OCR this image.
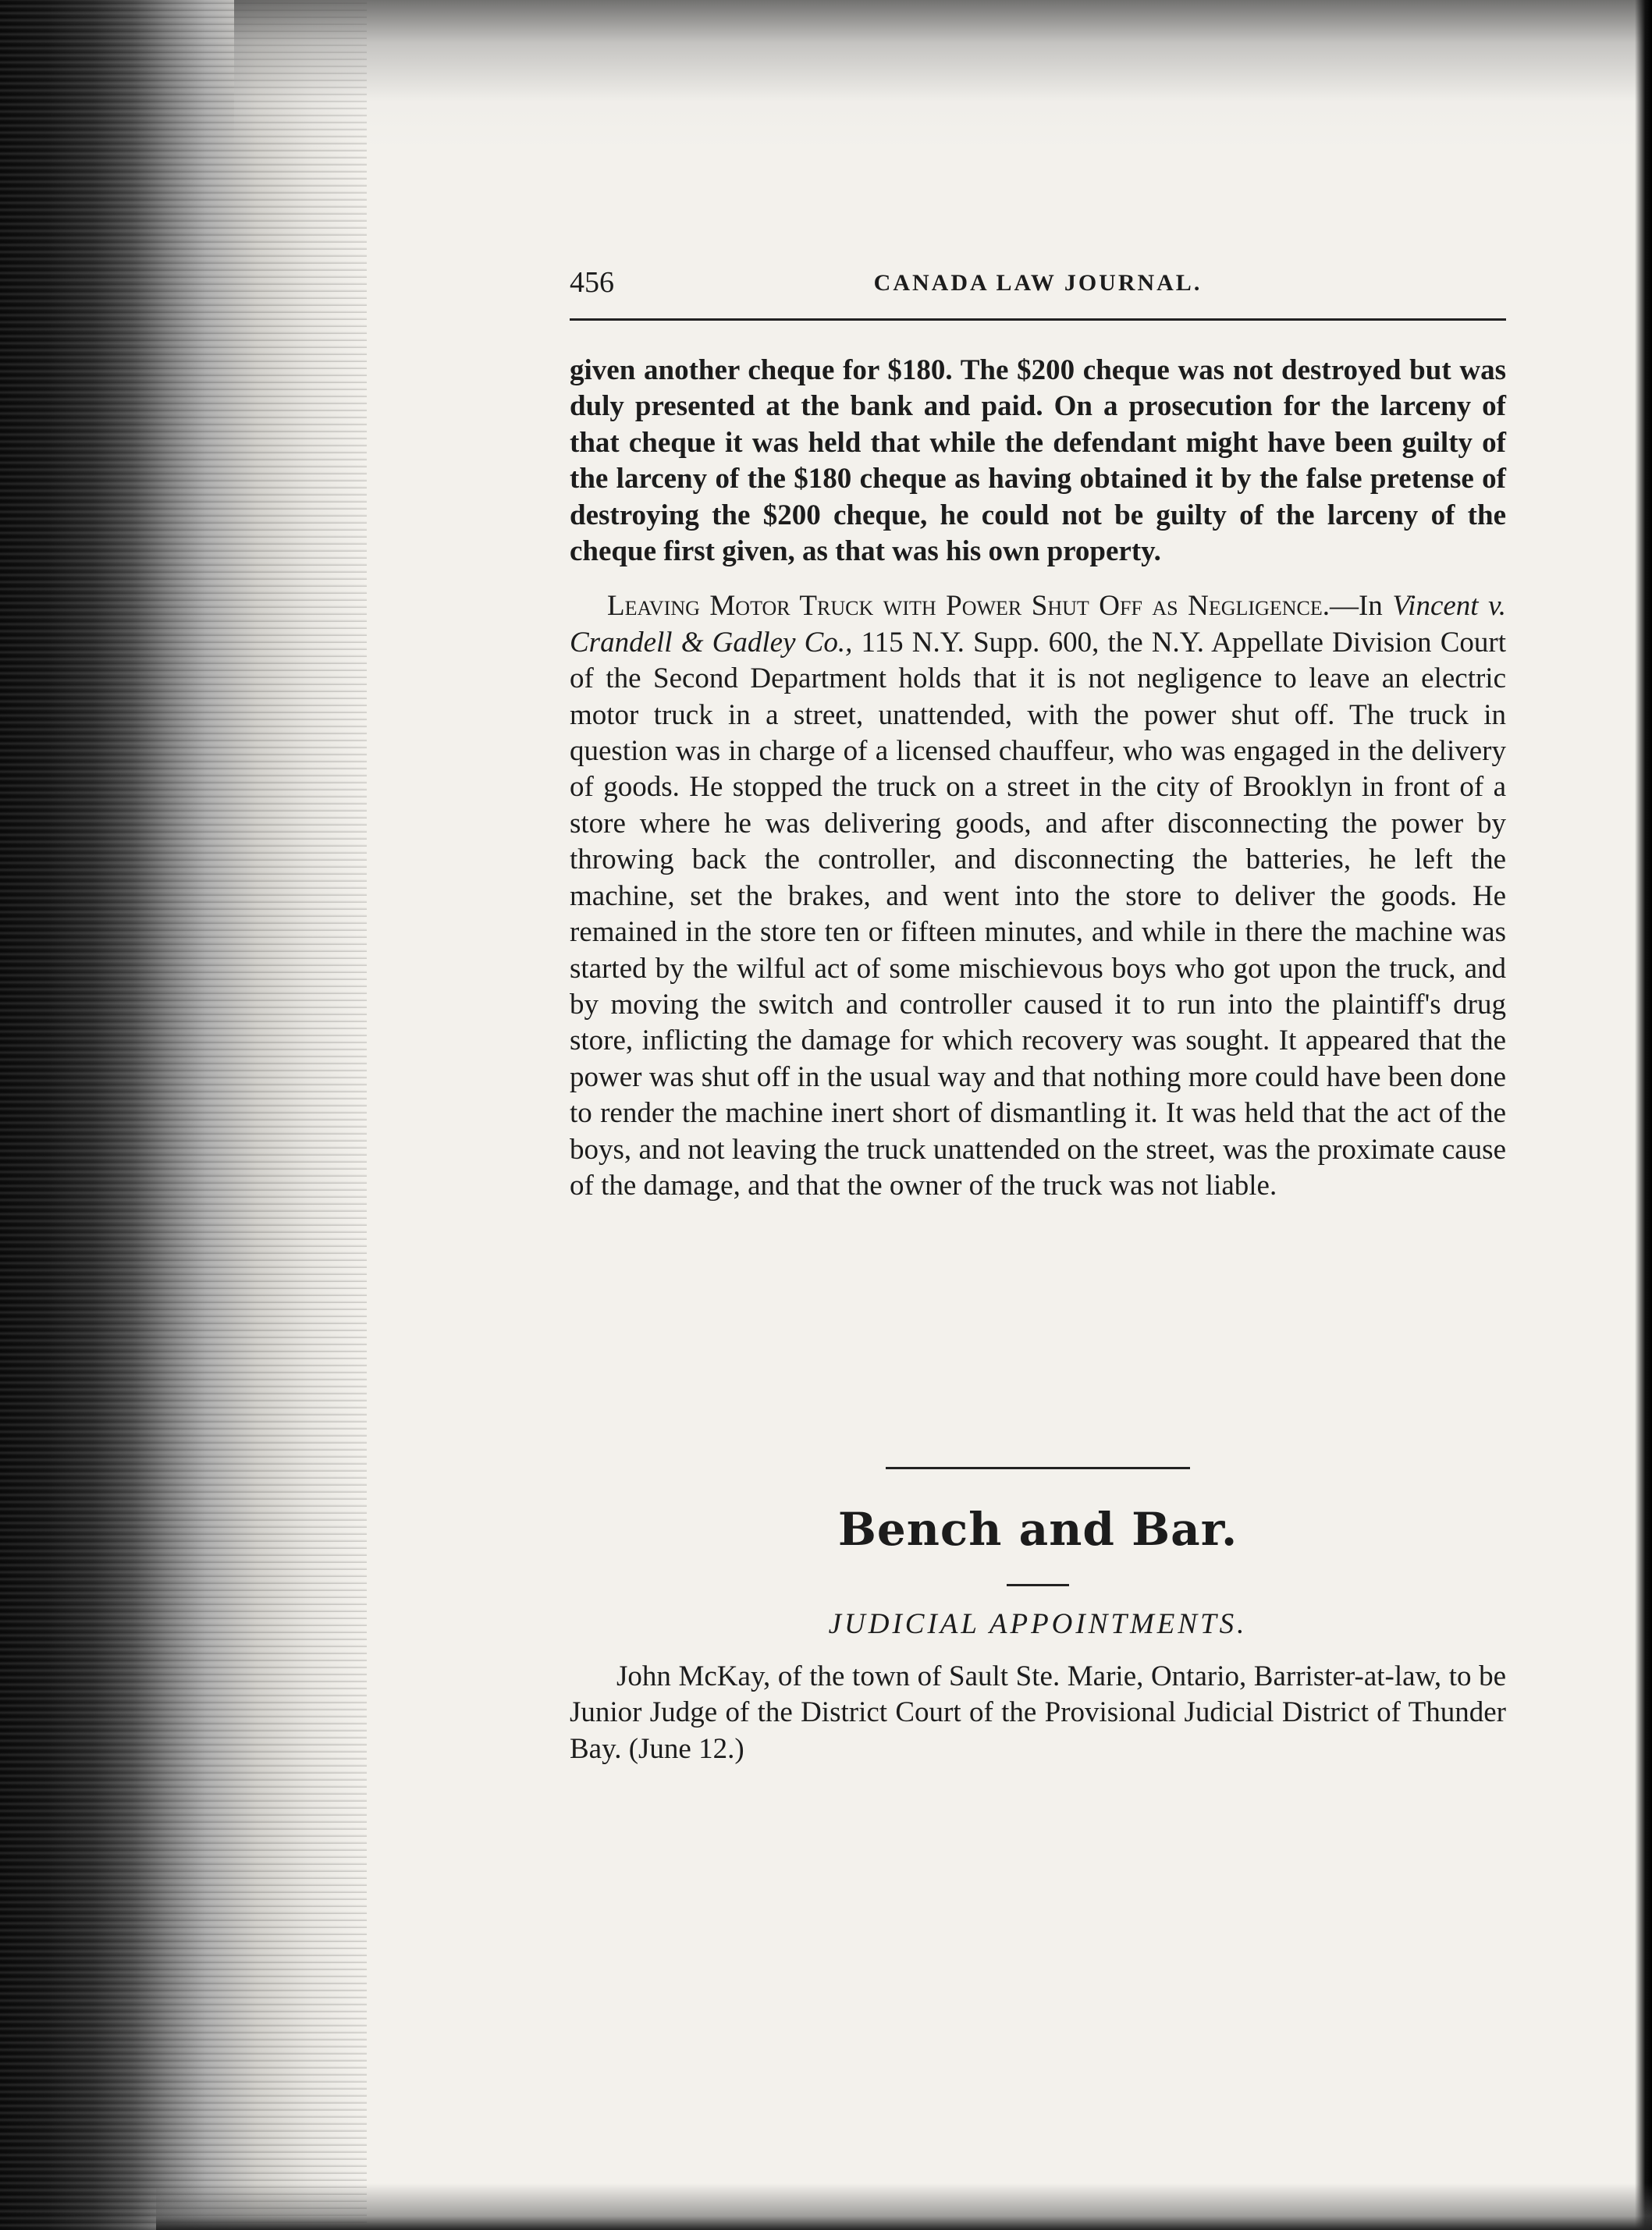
456	CANADA LAW JOURNAL.

given another cheque for $180. The $200 cheque was not destroyed but was duly presented at the bank and paid. On a prosecution for the larceny of that cheque it was held that while the defendant might have been guilty of the larceny of the $180 cheque as having obtained it by the false pretense of destroying the $200 cheque, he could not be guilty of the larceny of the cheque first given, as that was his own property.

Leaving Motor Truck with Power Shut Off as Negligence.—In Vincent v. Crandell & Gadley Co., 115 N.Y. Supp. 600, the N.Y. Appellate Division Court of the Second Department holds that it is not negligence to leave an electric motor truck in a street, unattended, with the power shut off. The truck in question was in charge of a licensed chauffeur, who was engaged in the delivery of goods. He stopped the truck on a street in the city of Brooklyn in front of a store where he was delivering goods, and after disconnecting the power by throwing back the controller, and disconnecting the batteries, he left the machine, set the brakes, and went into the store to deliver the goods. He remained in the store ten or fifteen minutes, and while in there the machine was started by the wilful act of some mischievous boys who got upon the truck, and by moving the switch and controller caused it to run into the plaintiff's drug store, inflicting the damage for which recovery was sought. It appeared that the power was shut off in the usual way and that nothing more could have been done to render the machine inert short of dismantling it. It was held that the act of the boys, and not leaving the truck unattended on the street, was the proximate cause of the damage, and that the owner of the truck was not liable.

Bench and Bar.
JUDICIAL APPOINTMENTS.

John McKay, of the town of Sault Ste. Marie, Ontario, Barrister-at-law, to be Junior Judge of the District Court of the Provisional Judicial District of Thunder Bay. (June 12.)
